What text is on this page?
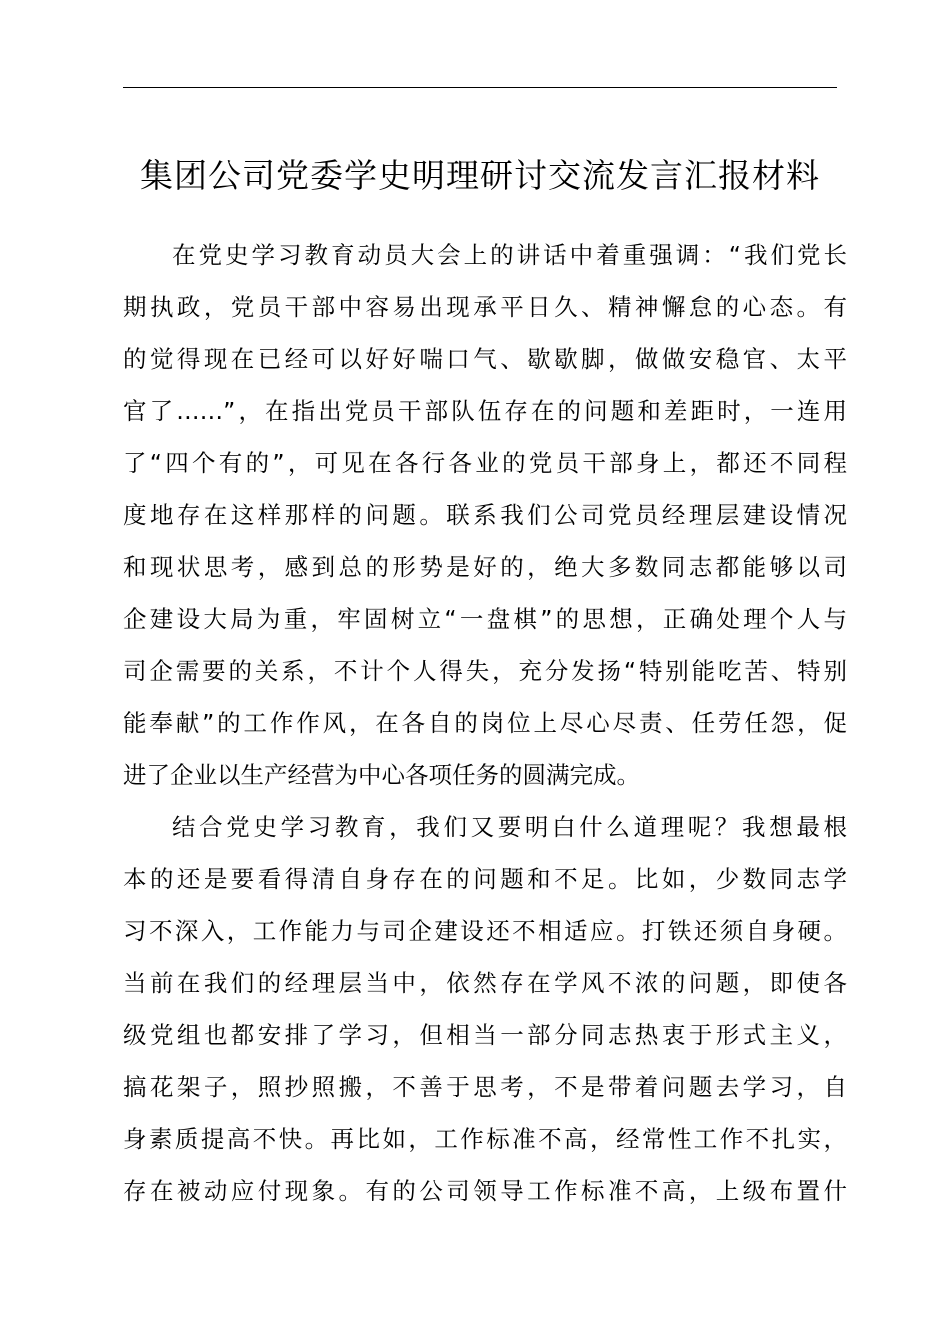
集团公司党委学史明理研讨交流发言汇报材料
在党史学习教育动员大会上的讲话中着重强调：“我们党长
期执政，党员干部中容易出现承平日久、精神懈怠的心态。有
的觉得现在已经可以好好喘口气、歇歇脚，做做安稳官、太平
官了……”，在指出党员干部队伍存在的问题和差距时，一连用
了“四个有的”，可见在各行各业的党员干部身上，都还不同程
度地存在这样那样的问题。联系我们公司党员经理层建设情况
和现状思考，感到总的形势是好的，绝大多数同志都能够以司
企建设大局为重，牢固树立“一盘棋”的思想，正确处理个人与
司企需要的关系，不计个人得失，充分发扬“特别能吃苦、特别
能奉献”的工作作风，在各自的岗位上尽心尽责、任劳任怨，促
进了企业以生产经营为中心各项任务的圆满完成。
结合党史学习教育，我们又要明白什么道理呢？我想最根
本的还是要看得清自身存在的问题和不足。比如，少数同志学
习不深入，工作能力与司企建设还不相适应。打铁还须自身硬。
当前在我们的经理层当中，依然存在学风不浓的问题，即使各
级党组也都安排了学习，但相当一部分同志热衷于形式主义，
搞花架子，照抄照搬，不善于思考，不是带着问题去学习，自
身素质提高不快。再比如，工作标准不高，经常性工作不扎实，
存在被动应付现象。有的公司领导工作标准不高，上级布置什
